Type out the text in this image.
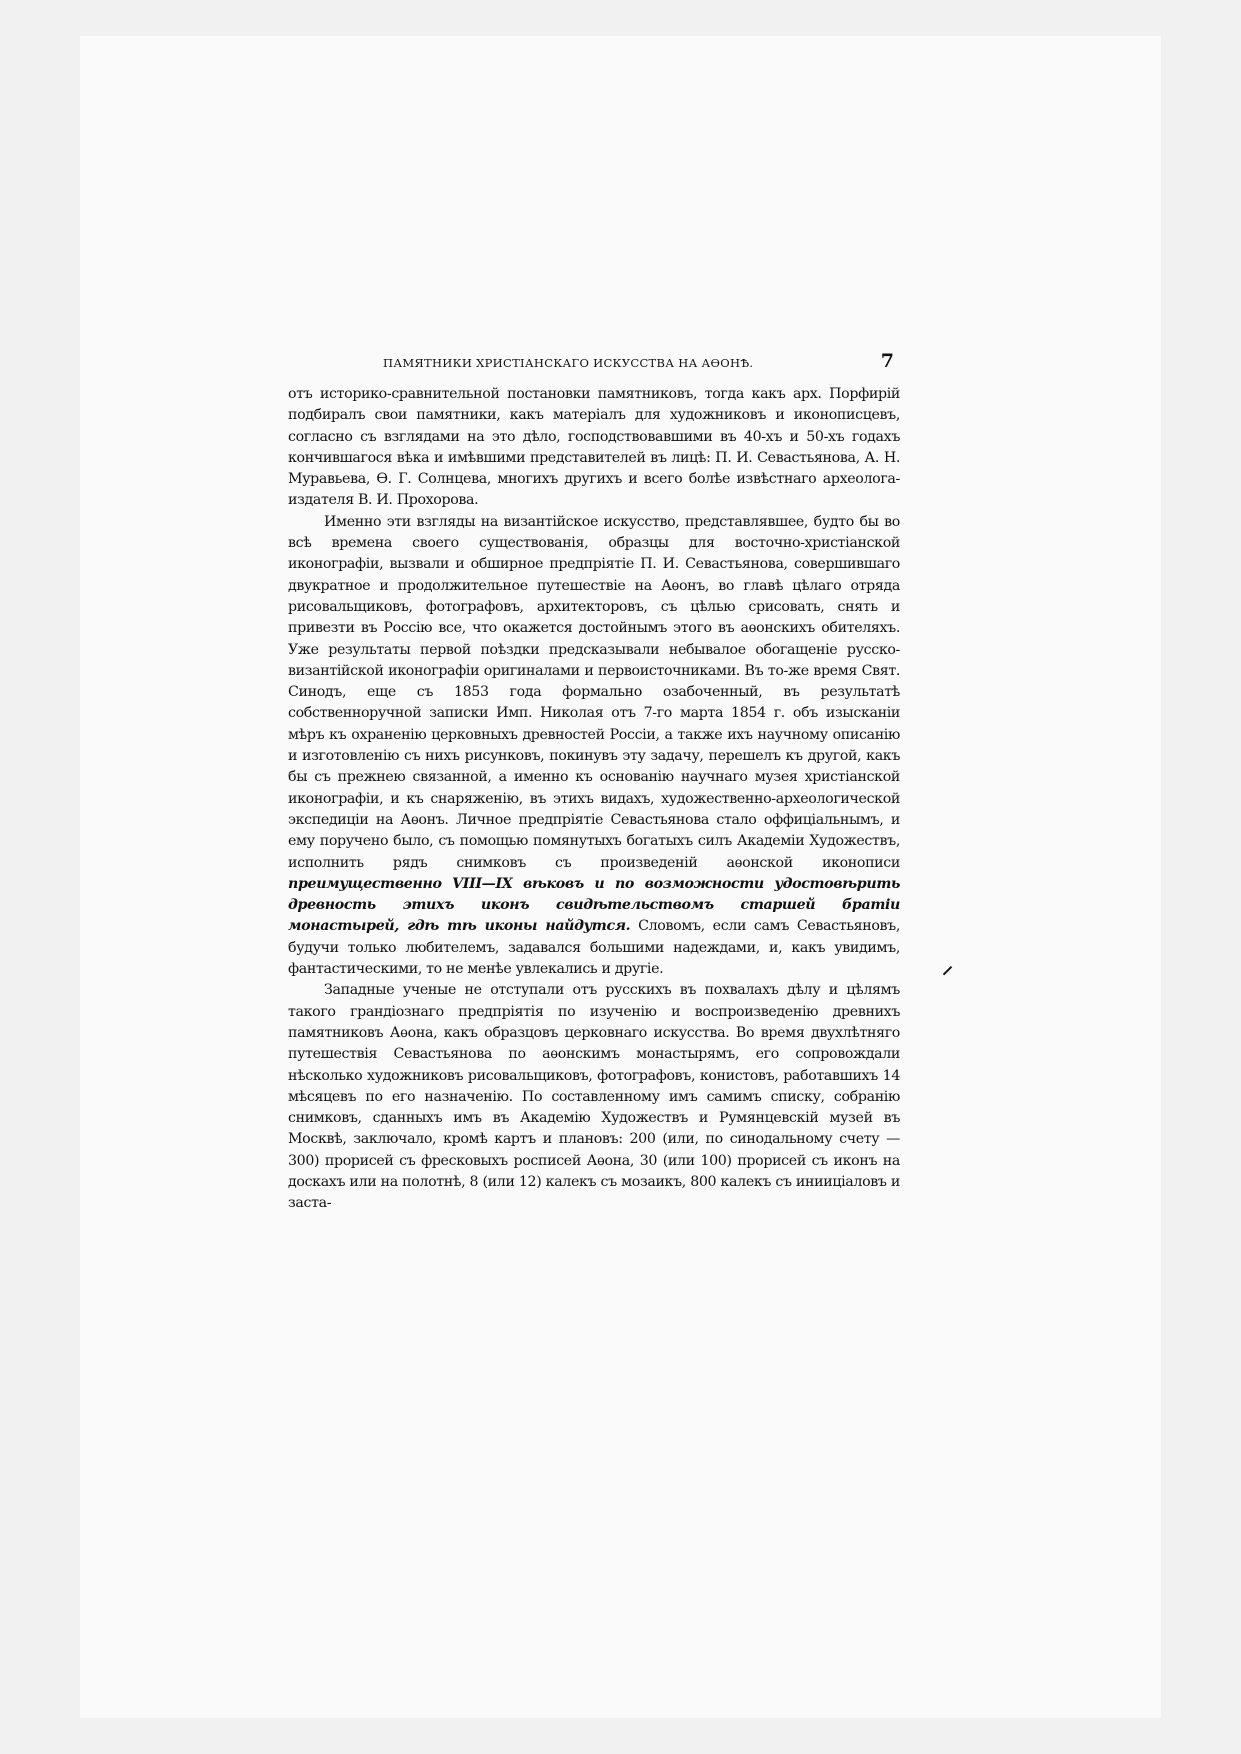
ПАМЯТНИКИ ХРИСТІАНСКАГО ИСКУССТВА НА АѲОНѢ.	7

отъ историко-сравнительной постановки памятниковъ, тогда какъ арх. Порфирій подбиралъ свои памятники, какъ матеріалъ для художниковъ и иконописцевъ, согласно съ взглядами на это дѣло, господствовавшими въ 40-хъ и 50-хъ годахъ кончившагося вѣка и имѣвшими представителей въ лицѣ: П. И. Севастьянова, А. Н. Муравьева, Ѳ. Г. Солнцева, многихъ другихъ и всего болѣе извѣстнаго археолога-издателя В. И. Прохорова.

Именно эти взгляды на византійское искусство, представлявшее, будто бы во всѣ времена своего существованія, образцы для восточно-христіанской иконографіи, вызвали и обширное предпріятіе П. И. Севастьянова, совершившаго двукратное и продолжительное путешествіе на Аѳонъ, во главѣ цѣлаго отряда рисовальщиковъ, фотографовъ, архитекторовъ, съ цѣлью срисовать, снять и привезти въ Россію все, что окажется достойнымъ этого въ аѳонскихъ обителяхъ. Уже результаты первой поѣздки предсказывали небывалое обогащеніе русско-византійской иконографіи оригиналами и первоисточниками. Въ то-же время Свят. Синодъ, еще съ 1853 года формально озабоченный, въ результатѣ собственноручной записки Имп. Николая отъ 7-го марта 1854 г. объ изысканіи мѣръ къ охраненію церковныхъ древностей Россіи, а также ихъ научному описанію и изготовленію съ нихъ рисунковъ, покинувъ эту задачу, перешелъ къ другой, какъ бы съ прежнею связанной, а именно къ основанію научнаго музея христіанской иконографіи, и къ снаряженію, въ этихъ видахъ, художественно-археологической экспедиціи на Аѳонъ. Личное предпріятіе Севастьянова стало оффиціальнымъ, и ему поручено было, съ помощью помянутыхъ богатыхъ силъ Академіи Художествъ, исполнить рядъ снимковъ съ произведеній аѳонской иконописи преимущественно VIII—IX вѣковъ и по возможности удостовѣрить древность этихъ иконъ свидѣтельствомъ старшей братіи монастырей, гдѣ тѣ иконы найдутся. Словомъ, если самъ Севастьяновъ, будучи только любителемъ, задавался большими надеждами, и, какъ увидимъ, фантастическими, то не менѣе увлекались и другіе.

Западные ученые не отступали отъ русскихъ въ похвалахъ дѣлу и цѣлямъ такого грандіознаго предпріятія по изученію и воспроизведенію древнихъ памятниковъ Аѳона, какъ образцовъ церковнаго искусства. Во время двухлѣтняго путешествія Севастьянова по аѳонскимъ монастырямъ, его сопровождали нѣсколько художниковъ рисовальщиковъ, фотографовъ, конистовъ, работавшихъ 14 мѣсяцевъ по его назначенію. По составленному имъ самимъ списку, собранію снимковъ, сданныхъ имъ въ Академію Художествъ и Румянцевскій музей въ Москвѣ, заключало, кромѣ картъ и плановъ: 200 (или, по синодальному счету — 300) прорисей съ фресковыхъ росписей Аѳона, 30 (или 100) прорисей съ иконъ на доскахъ или на полотнѣ, 8 (или 12) калекъ съ мозаикъ, 800 калекъ съ инииціаловъ и заста-

⸝
